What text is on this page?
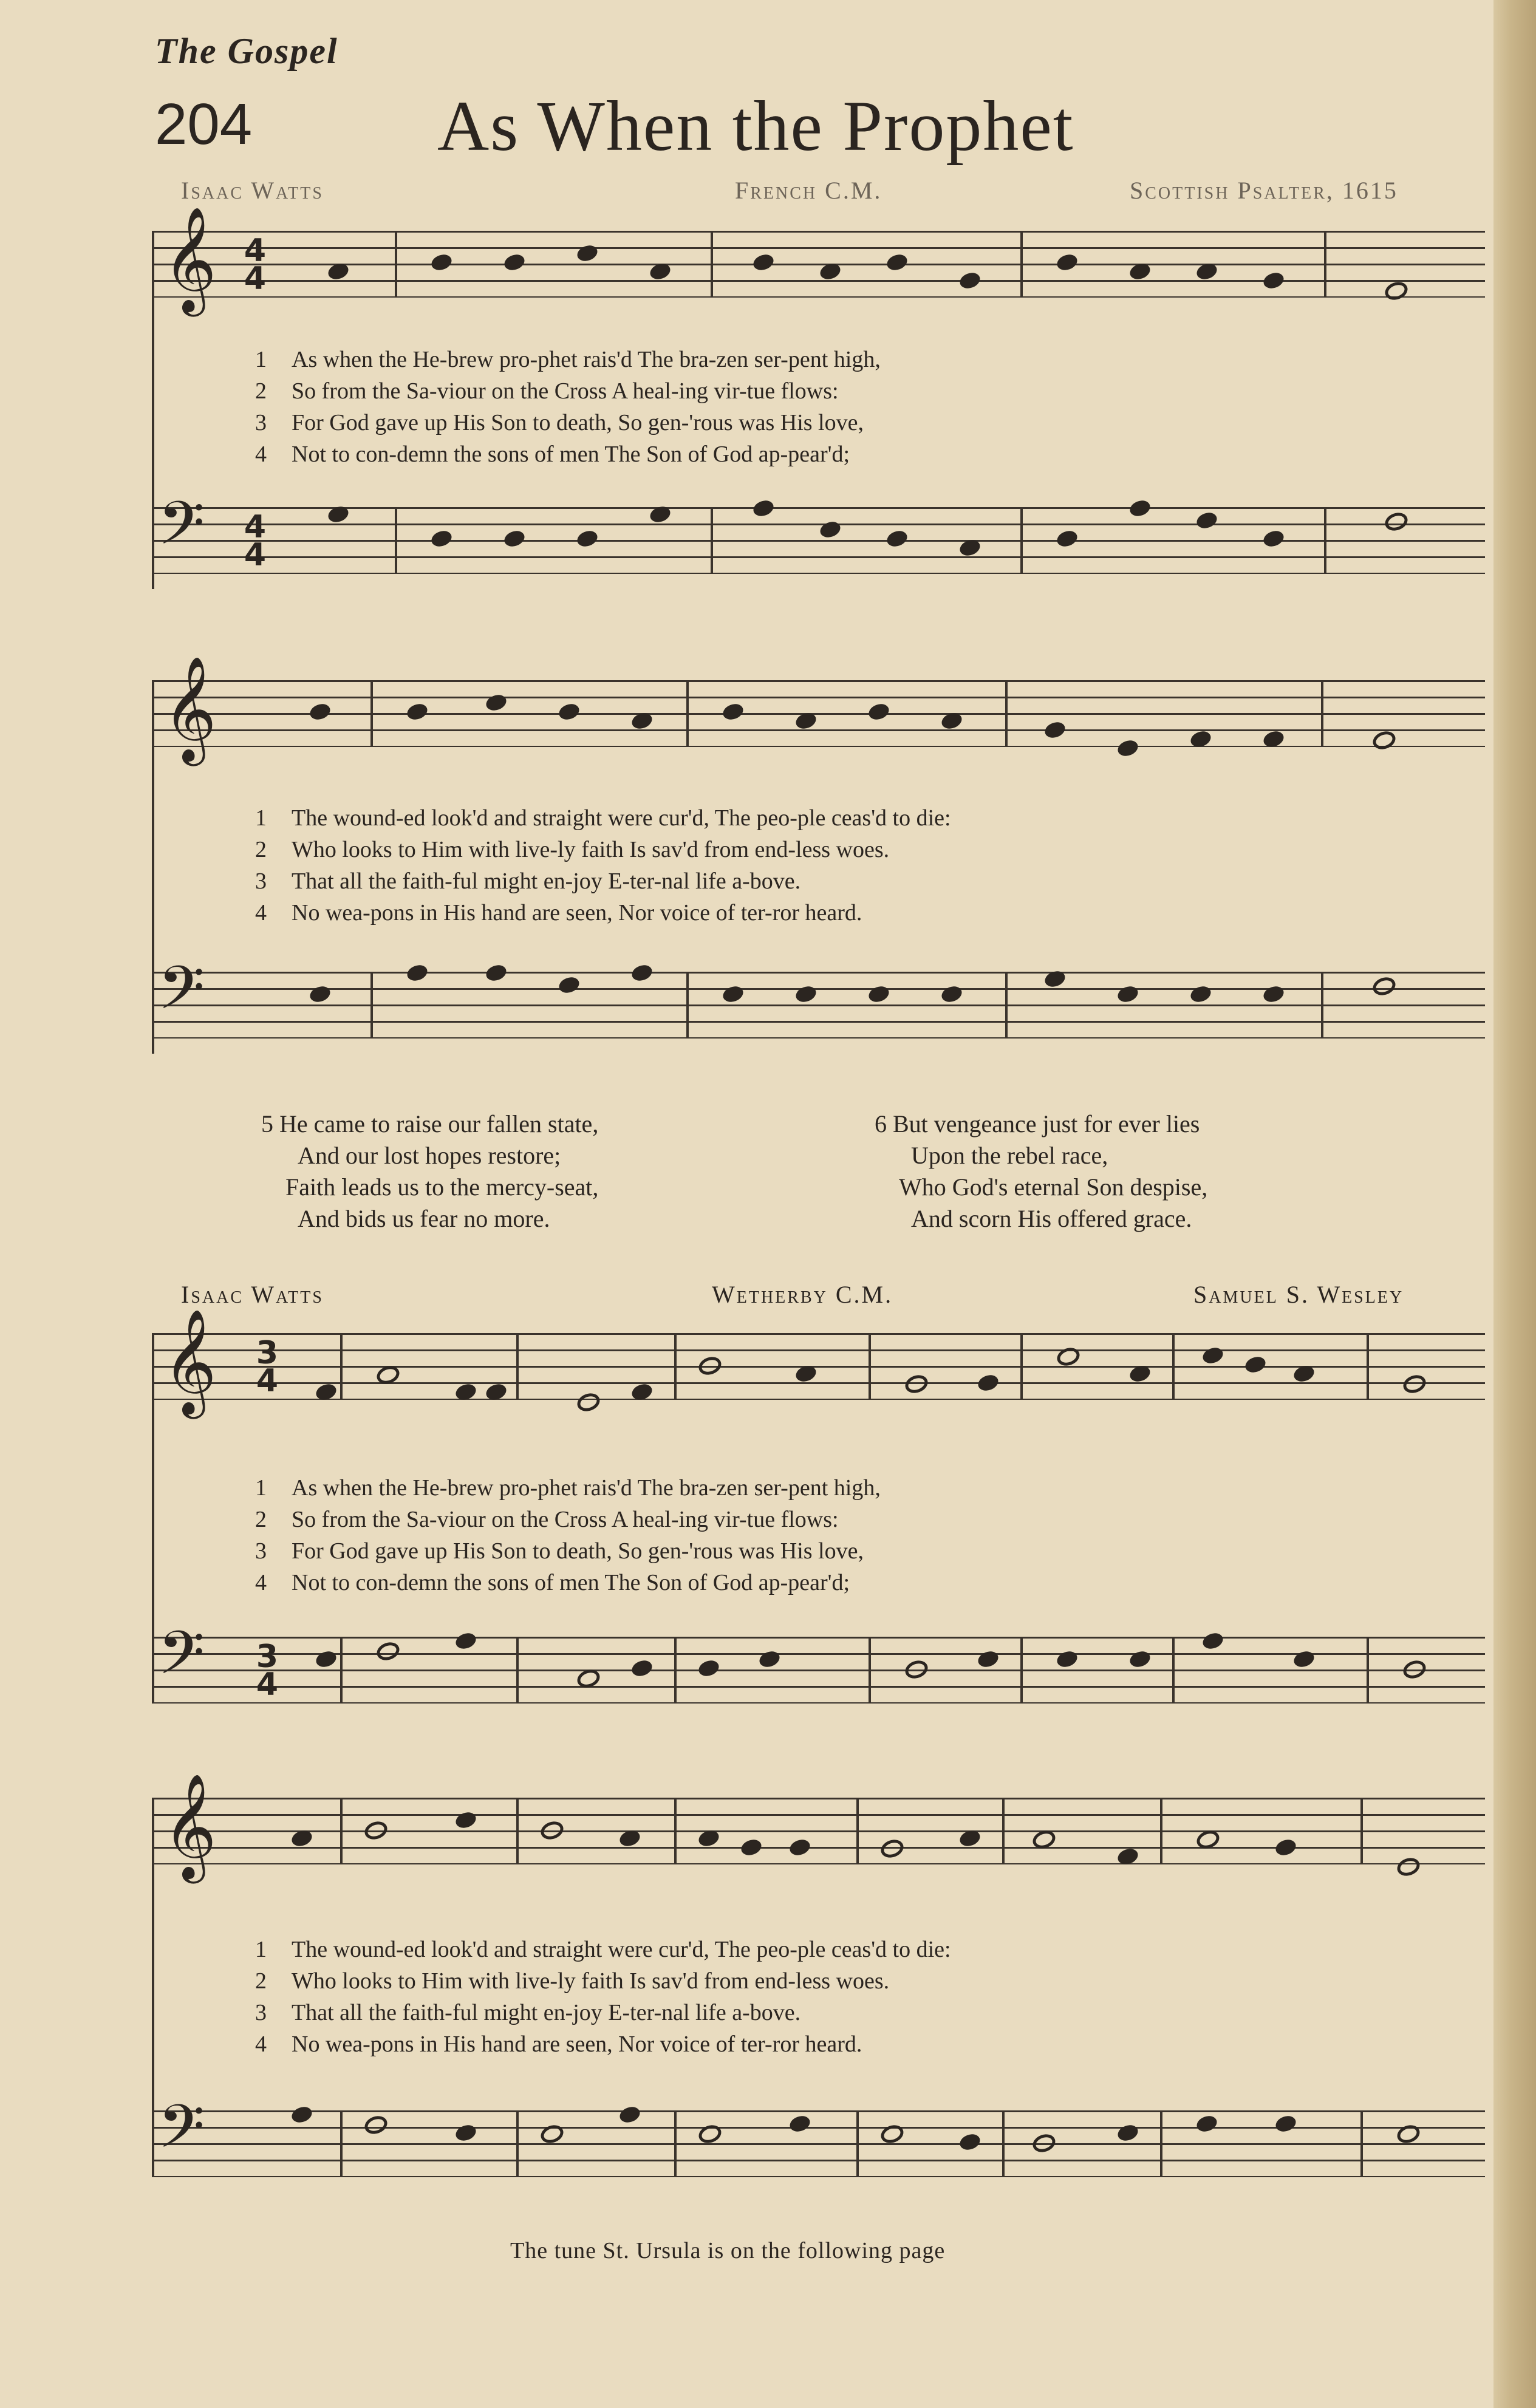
The Gospel
204	As When the Prophet
Isaac Watts	French C.M.	Scottish Psalter, 1615
𝄞 4
4
1 As when the He-brew pro-phet rais'd The bra-zen ser-pent high,
2 So from the Sa-viour on the Cross A heal-ing vir-tue flows:
3 For God gave up His Son to death, So gen-'rous was His love,
4 Not to con-demn the sons of men The Son of God ap-pear'd;
𝄢 4
4
𝄞
1 The wound-ed look'd and straight were cur'd, The peo-ple ceas'd to die:
2 Who looks to Him with live-ly faith Is sav'd from end-less woes.
3 That all the faith-ful might en-joy E-ter-nal life a-bove.
4 No wea-pons in His hand are seen, Nor voice of ter-ror heard.
𝄢
5 He came to raise our fallen state,
And our lost hopes restore;
Faith leads us to the mercy-seat,
And bids us fear no more.
6 But vengeance just for ever lies
Upon the rebel race,
Who God's eternal Son despise,
And scorn His offered grace.
Isaac Watts	Wetherby C.M.	Samuel S. Wesley
𝄞 3
4
1 As when the He-brew pro-phet rais'd The bra-zen ser-pent high,
2 So from the Sa-viour on the Cross A heal-ing vir-tue flows:
3 For God gave up His Son to death, So gen-'rous was His love,
4 Not to con-demn the sons of men The Son of God ap-pear'd;
𝄢 3
4
𝄞
1 The wound-ed look'd and straight were cur'd, The peo-ple ceas'd to die:
2 Who looks to Him with live-ly faith Is sav'd from end-less woes.
3 That all the faith-ful might en-joy E-ter-nal life a-bove.
4 No wea-pons in His hand are seen, Nor voice of ter-ror heard.
𝄢
The tune St. Ursula is on the following page
